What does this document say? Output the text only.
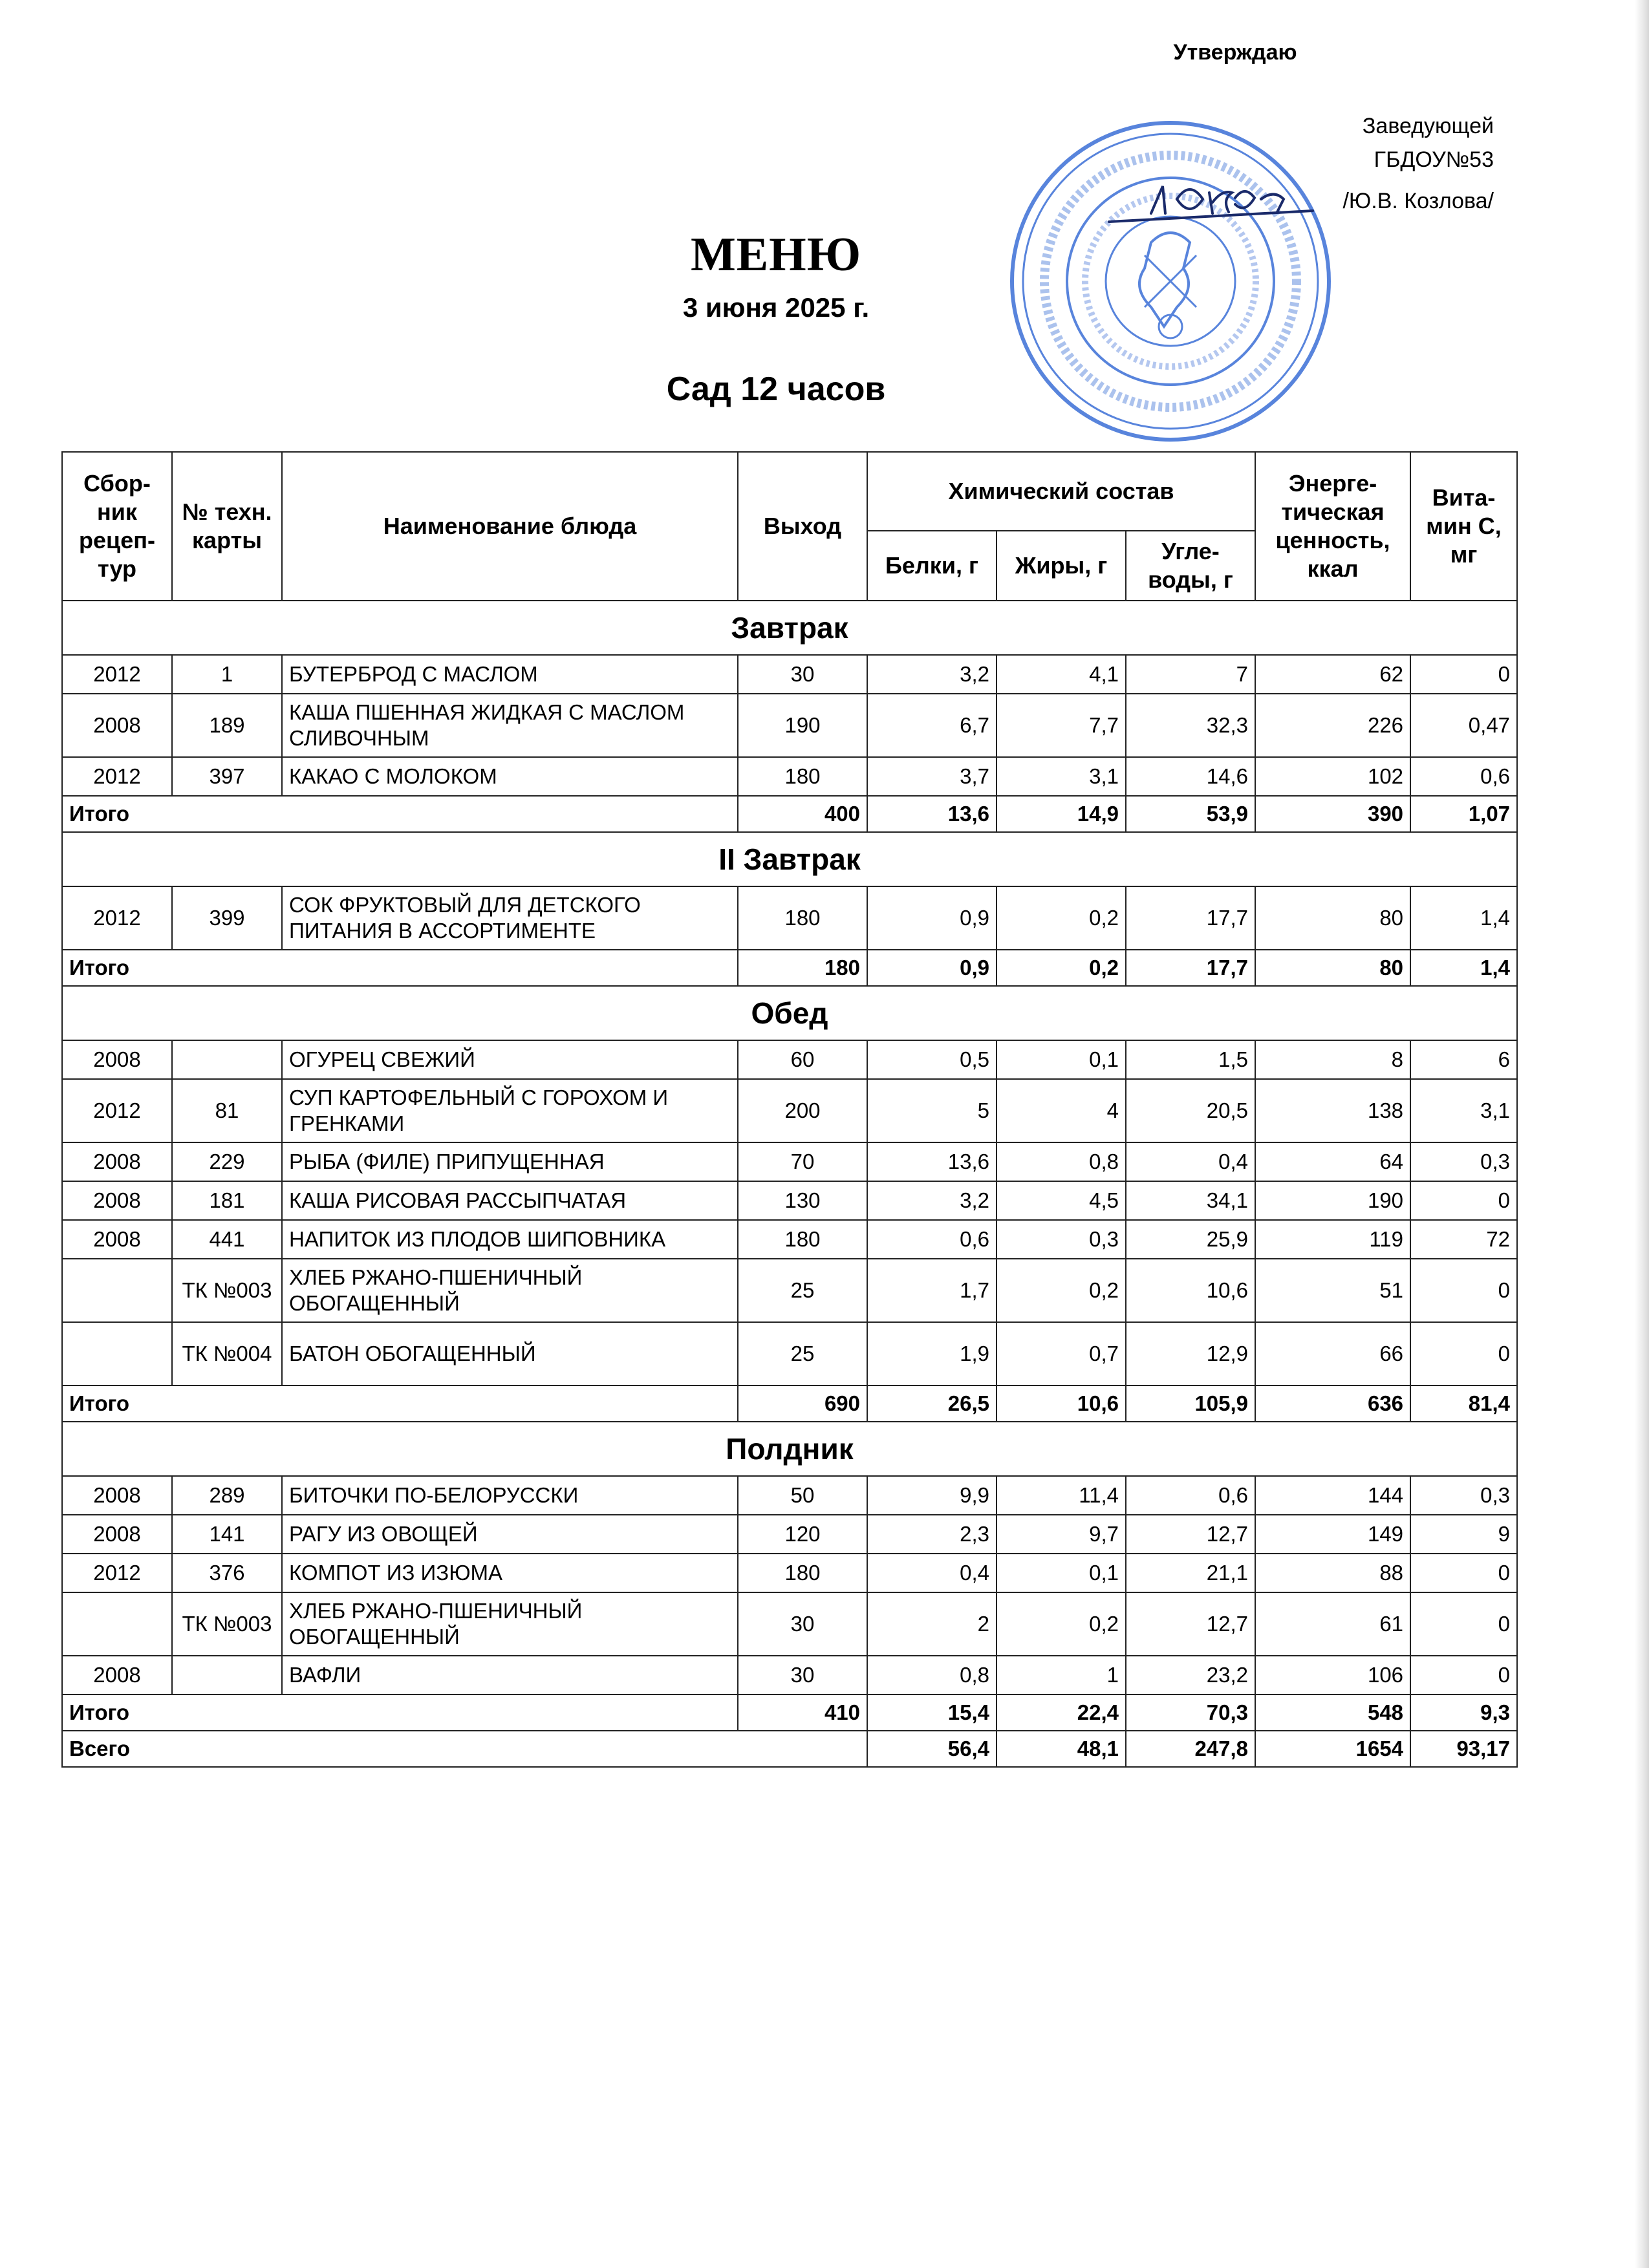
Утверждаю
Заведующей
ГБДОУ№53
/Ю.В. Козлова/
МЕНЮ
3 июня 2025 г.
Сад 12 часов
Сбор-ник рецеп-тур	№ техн. карты	Наименование блюда	Выход	Химический состав			Энерге-тическая ценность, ккал	Вита-мин С, мг
				Белки, г	Жиры, г	Угле-воды, г		
Завтрак								
2012	1	БУТЕРБРОД С МАСЛОМ	30	3,2	4,1	7	62	0
2008	189	КАША ПШЕННАЯ ЖИДКАЯ С МАСЛОМ СЛИВОЧНЫМ	190	6,7	7,7	32,3	226	0,47
2012	397	КАКАО С МОЛОКОМ	180	3,7	3,1	14,6	102	0,6
Итого			400	13,6	14,9	53,9	390	1,07
II Завтрак								
2012	399	СОК ФРУКТОВЫЙ ДЛЯ ДЕТСКОГО ПИТАНИЯ В АССОРТИМЕНТЕ	180	0,9	0,2	17,7	80	1,4
Итого			180	0,9	0,2	17,7	80	1,4
Обед								
2008		ОГУРЕЦ СВЕЖИЙ	60	0,5	0,1	1,5	8	6
2012	81	СУП КАРТОФЕЛЬНЫЙ С ГОРОХОМ И ГРЕНКАМИ	200	5	4	20,5	138	3,1
2008	229	РЫБА (ФИЛЕ) ПРИПУЩЕННАЯ	70	13,6	0,8	0,4	64	0,3
2008	181	КАША РИСОВАЯ РАССЫПЧАТАЯ	130	3,2	4,5	34,1	190	0
2008	441	НАПИТОК ИЗ ПЛОДОВ ШИПОВНИКА	180	0,6	0,3	25,9	119	72
	ТК №003	ХЛЕБ РЖАНО-ПШЕНИЧНЫЙ ОБОГАЩЕННЫЙ	25	1,7	0,2	10,6	51	0
	ТК №004	БАТОН ОБОГАЩЕННЫЙ	25	1,9	0,7	12,9	66	0
Итого			690	26,5	10,6	105,9	636	81,4
Полдник								
2008	289	БИТОЧКИ ПО-БЕЛОРУССКИ	50	9,9	11,4	0,6	144	0,3
2008	141	РАГУ ИЗ ОВОЩЕЙ	120	2,3	9,7	12,7	149	9
2012	376	КОМПОТ ИЗ ИЗЮМА	180	0,4	0,1	21,1	88	0
	ТК №003	ХЛЕБ РЖАНО-ПШЕНИЧНЫЙ ОБОГАЩЕННЫЙ	30	2	0,2	12,7	61	0
2008		ВАФЛИ	30	0,8	1	23,2	106	0
Итого			410	15,4	22,4	70,3	548	9,3
Всего				56,4	48,1	247,8	1654	93,17
